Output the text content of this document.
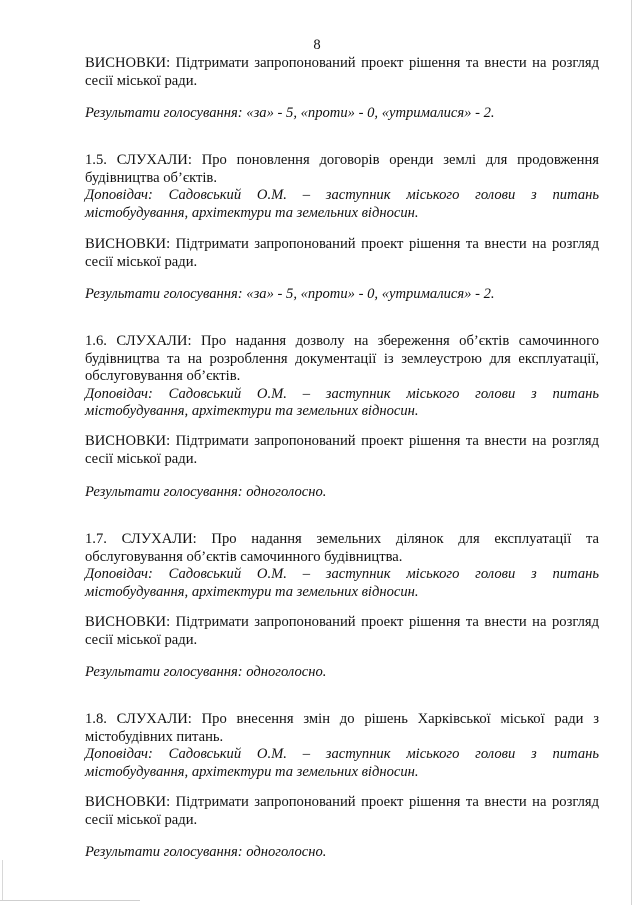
8

ВИСНОВКИ: Підтримати запропонований проект рішення та внести на розгляд сесії міської ради.

Результати голосування: «за» - 5, «проти» - 0, «утрималися» - 2.

1.5. СЛУХАЛИ: Про поновлення договорів оренди землі для продовження будівництва об’єктів.

Доповідач: Садовський О.М. – заступник міського голови з питань містобудування, архітектури та земельних відносин.

ВИСНОВКИ: Підтримати запропонований проект рішення та внести на розгляд сесії міської ради.

Результати голосування: «за» - 5, «проти» - 0, «утрималися» - 2.

1.6. СЛУХАЛИ: Про надання дозволу на збереження об’єктів самочинного будівництва та на розроблення документації із землеустрою для експлуатації, обслуговування об’єктів.

Доповідач: Садовський О.М. – заступник міського голови з питань містобудування, архітектури та земельних відносин.

ВИСНОВКИ: Підтримати запропонований проект рішення та внести на розгляд сесії міської ради.

Результати голосування: одноголосно.

1.7. СЛУХАЛИ: Про надання земельних ділянок для експлуатації та обслуговування об’єктів самочинного будівництва.

Доповідач: Садовський О.М. – заступник міського голови з питань містобудування, архітектури та земельних відносин.

ВИСНОВКИ: Підтримати запропонований проект рішення та внести на розгляд сесії міської ради.

Результати голосування: одноголосно.

1.8. СЛУХАЛИ: Про внесення змін до рішень Харківської міської ради з містобудівних питань.

Доповідач: Садовський О.М. – заступник міського голови з питань містобудування, архітектури та земельних відносин.

ВИСНОВКИ: Підтримати запропонований проект рішення та внести на розгляд сесії міської ради.

Результати голосування: одноголосно.
